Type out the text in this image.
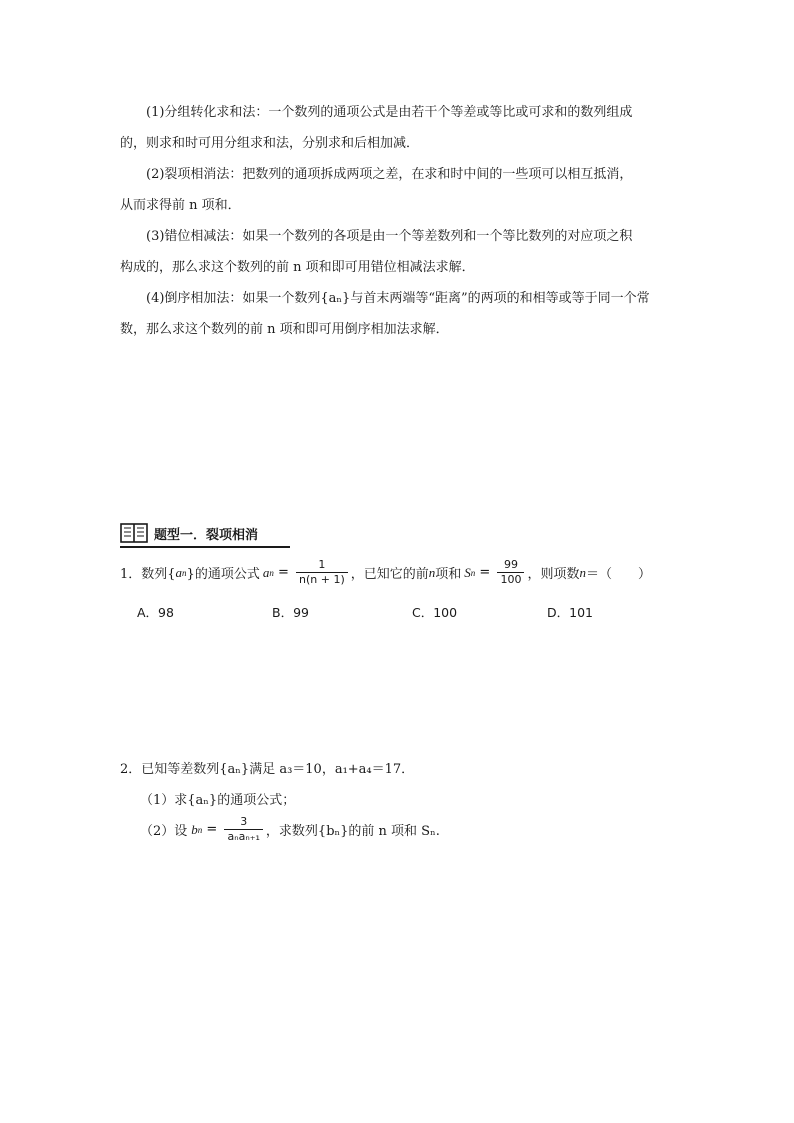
(1)分组转化求和法：一个数列的通项公式是由若干个等差或等比或可求和的数列组成
的，则求和时可用分组求和法，分别求和后相加减．
(2)裂项相消法：把数列的通项拆成两项之差，在求和时中间的一些项可以相互抵消，
从而求得前 n 项和．
(3)错位相减法：如果一个数列的各项是由一个等差数列和一个等比数列的对应项之积
构成的，那么求这个数列的前 n 项和即可用错位相减法求解．
(4)倒序相加法：如果一个数列{aₙ}与首末两端等“距离”的两项的和相等或等于同一个常
数，那么求这个数列的前 n 项和即可用倒序相加法求解．
题型一．裂项相消
1．数列{ a n }的通项公式 a $n = \frac{1}{n(n + 1)}$ ，已知它的前 n 项和 S $n = \frac{99}{100}$ ，则项数 n ＝（　　）
A．98	B．99	C．100	D．101
2．已知等差数列{aₙ}满足 a₃＝10，a₁+a₄＝17．
（1）求{aₙ}的通项公式；
（2）设 b $n = \frac{3}{\text{aₙaₙ₊₁}}$ ，求数列{bₙ}的前 n 项和 Sₙ.
